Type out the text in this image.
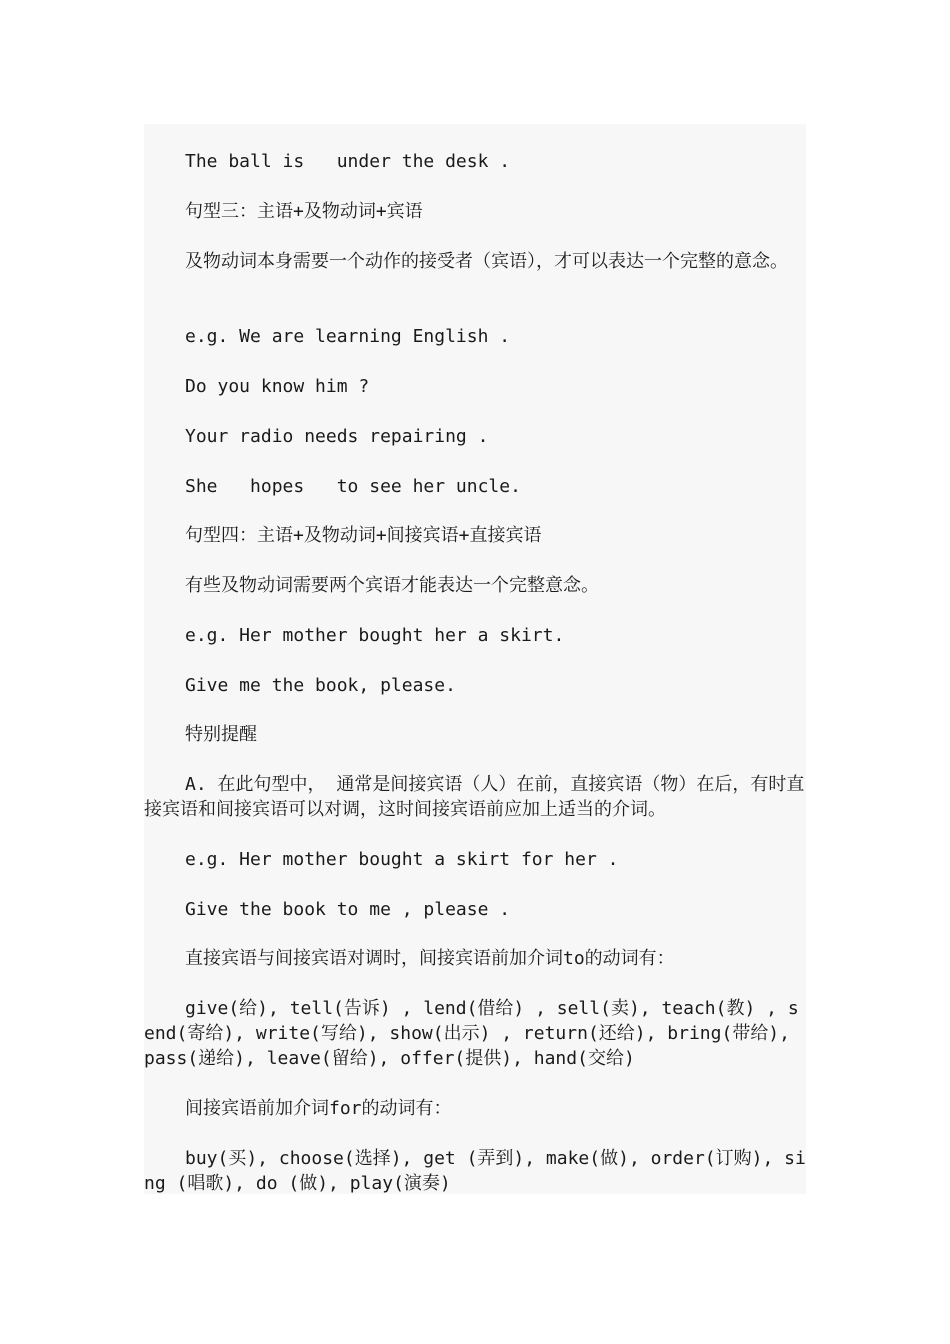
The ball is   under the desk .

句型三：主语+及物动词+宾语

及物动词本身需要一个动作的接受者（宾语），才可以表达一个完整的意念。

e.g. We are learning English .

Do you know him ?

Your radio needs repairing .

She   hopes   to see her uncle.

句型四：主语+及物动词+间接宾语+直接宾语

有些及物动词需要两个宾语才能表达一个完整意念。

e.g. Her mother bought her a skirt.

Give me the book, please.

特别提醒

A. 在此句型中， 通常是间接宾语（人）在前，直接宾语（物）在后，有时直接宾语和间接宾语可以对调，这时间接宾语前应加上适当的介词。

e.g. Her mother bought a skirt for her .

Give the book to me , please .

直接宾语与间接宾语对调时，间接宾语前加介词to的动词有：

give(给), tell(告诉) , lend(借给) , sell(卖), teach(教) , send(寄给), write(写给), show(出示) , return(还给), bring(带给), pass(递给), leave(留给), offer(提供), hand(交给)

间接宾语前加介词for的动词有：

buy(买), choose(选择), get (弄到), make(做), order(订购), sing (唱歌), do (做), play(演奏)
